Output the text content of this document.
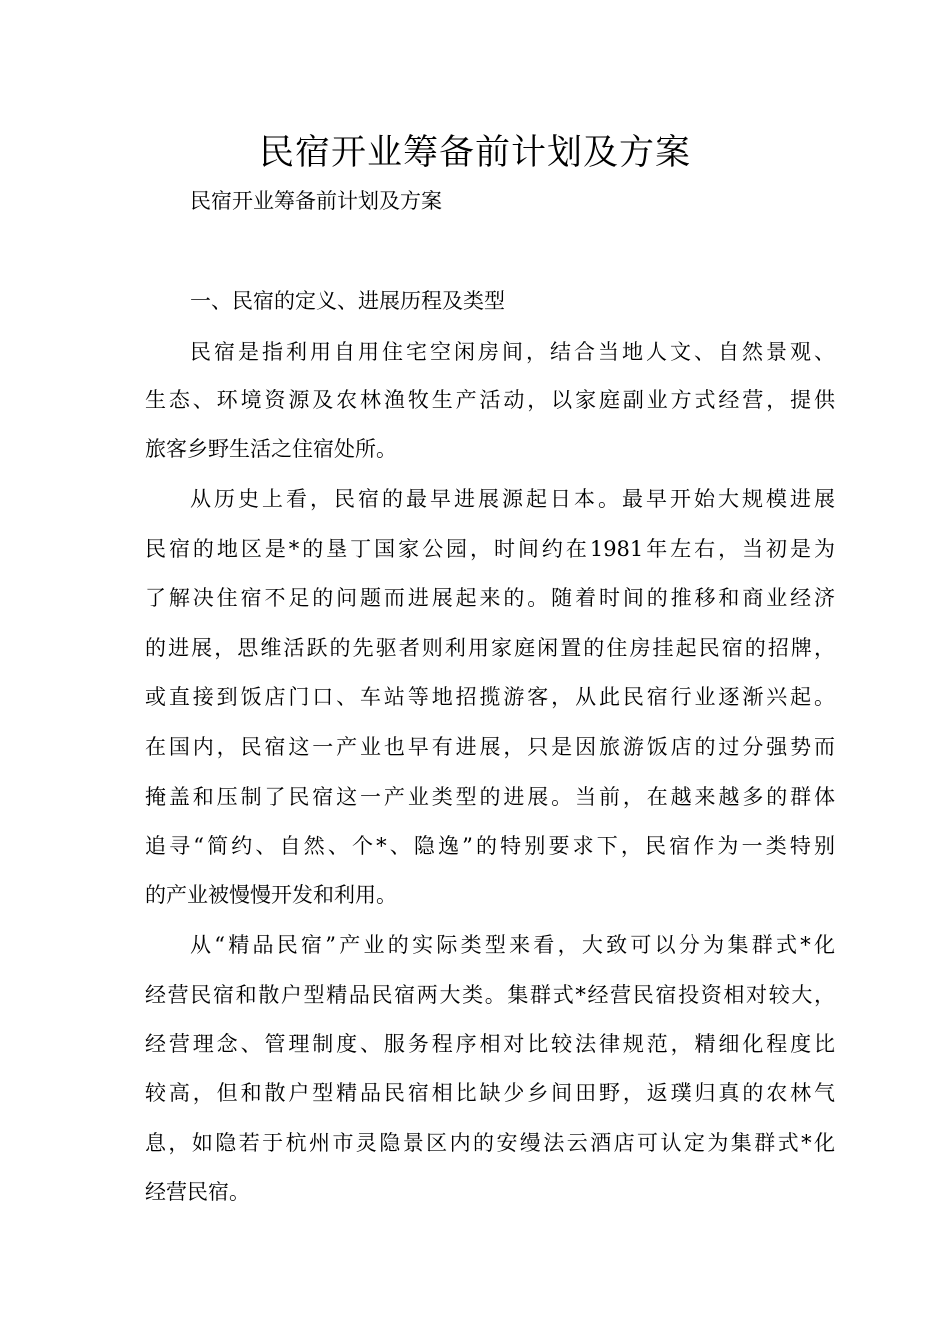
民宿开业筹备前计划及方案

民宿开业筹备前计划及方案

一、民宿的定义、进展历程及类型

民宿是指利用自用住宅空闲房间，结合当地人文、自然景观、

生态、环境资源及农林渔牧生产活动，以家庭副业方式经营，提供

旅客乡野生活之住宿处所。

从历史上看，民宿的最早进展源起日本。最早开始大规模进展

民宿的地区是*的垦丁国家公园，时间约在1981年左右，当初是为

了解决住宿不足的问题而进展起来的。随着时间的推移和商业经济

的进展，思维活跃的先驱者则利用家庭闲置的住房挂起民宿的招牌，

或直接到饭店门口、车站等地招揽游客，从此民宿行业逐渐兴起。

在国内，民宿这一产业也早有进展，只是因旅游饭店的过分强势而

掩盖和压制了民宿这一产业类型的进展。当前，在越来越多的群体

追寻“简约、自然、个*、隐逸”的特别要求下，民宿作为一类特别

的产业被慢慢开发和利用。

从“精品民宿”产业的实际类型来看，大致可以分为集群式*化

经营民宿和散户型精品民宿两大类。集群式*经营民宿投资相对较大，

经营理念、管理制度、服务程序相对比较法律规范，精细化程度比

较高，但和散户型精品民宿相比缺少乡间田野，返璞归真的农林气

息，如隐若于杭州市灵隐景区内的安缦法云酒店可认定为集群式*化

经营民宿。
